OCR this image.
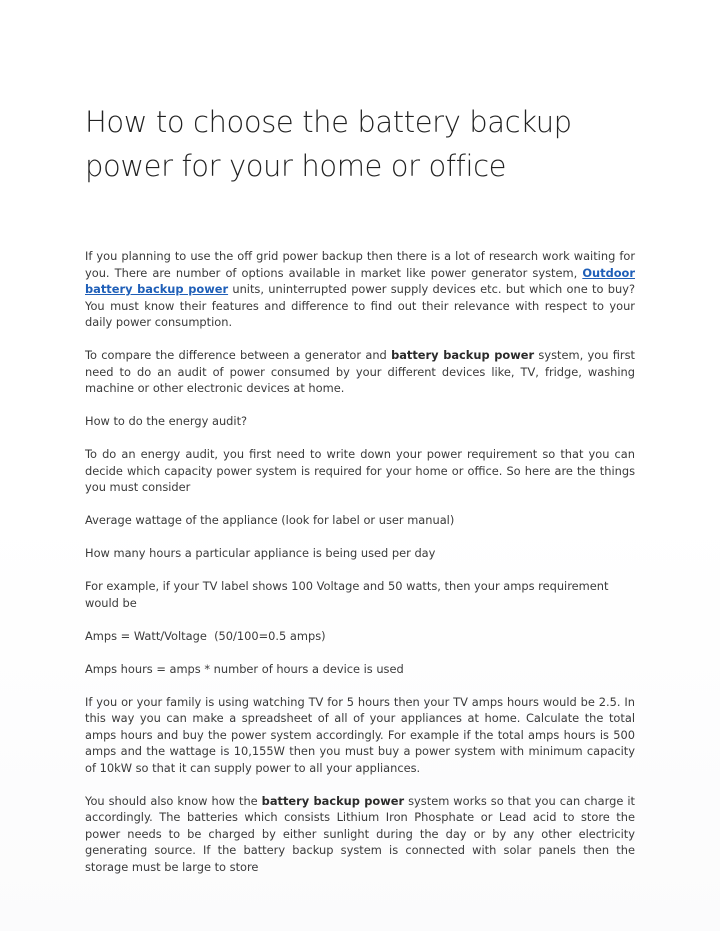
How to choose the battery backup power for your home or office

If you planning to use the off grid power backup then there is a lot of research work waiting for you. There are number of options available in market like power generator system, Outdoor battery backup power units, uninterrupted power supply devices etc. but which one to buy? You must know their features and difference to find out their relevance with respect to your daily power consumption.

To compare the difference between a generator and battery backup power system, you first need to do an audit of power consumed by your different devices like, TV, fridge, washing machine or other electronic devices at home.

How to do the energy audit?

To do an energy audit, you first need to write down your power requirement so that you can decide which capacity power system is required for your home or office. So here are the things you must consider

Average wattage of the appliance (look for label or user manual)

How many hours a particular appliance is being used per day

For example, if your TV label shows 100 Voltage and 50 watts, then your amps requirement would be

Amps = Watt/Voltage  (50/100=0.5 amps)

Amps hours = amps * number of hours a device is used

If you or your family is using watching TV for 5 hours then your TV amps hours would be 2.5. In this way you can make a spreadsheet of all of your appliances at home. Calculate the total amps hours and buy the power system accordingly. For example if the total amps hours is 500 amps and the wattage is 10,155W then you must buy a power system with minimum capacity of 10kW so that it can supply power to all your appliances.

You should also know how the battery backup power system works so that you can charge it accordingly. The batteries which consists Lithium Iron Phosphate or Lead acid to store the power needs to be charged by either sunlight during the day or by any other electricity generating source. If the battery backup system is connected with solar panels then the storage must be large to store
